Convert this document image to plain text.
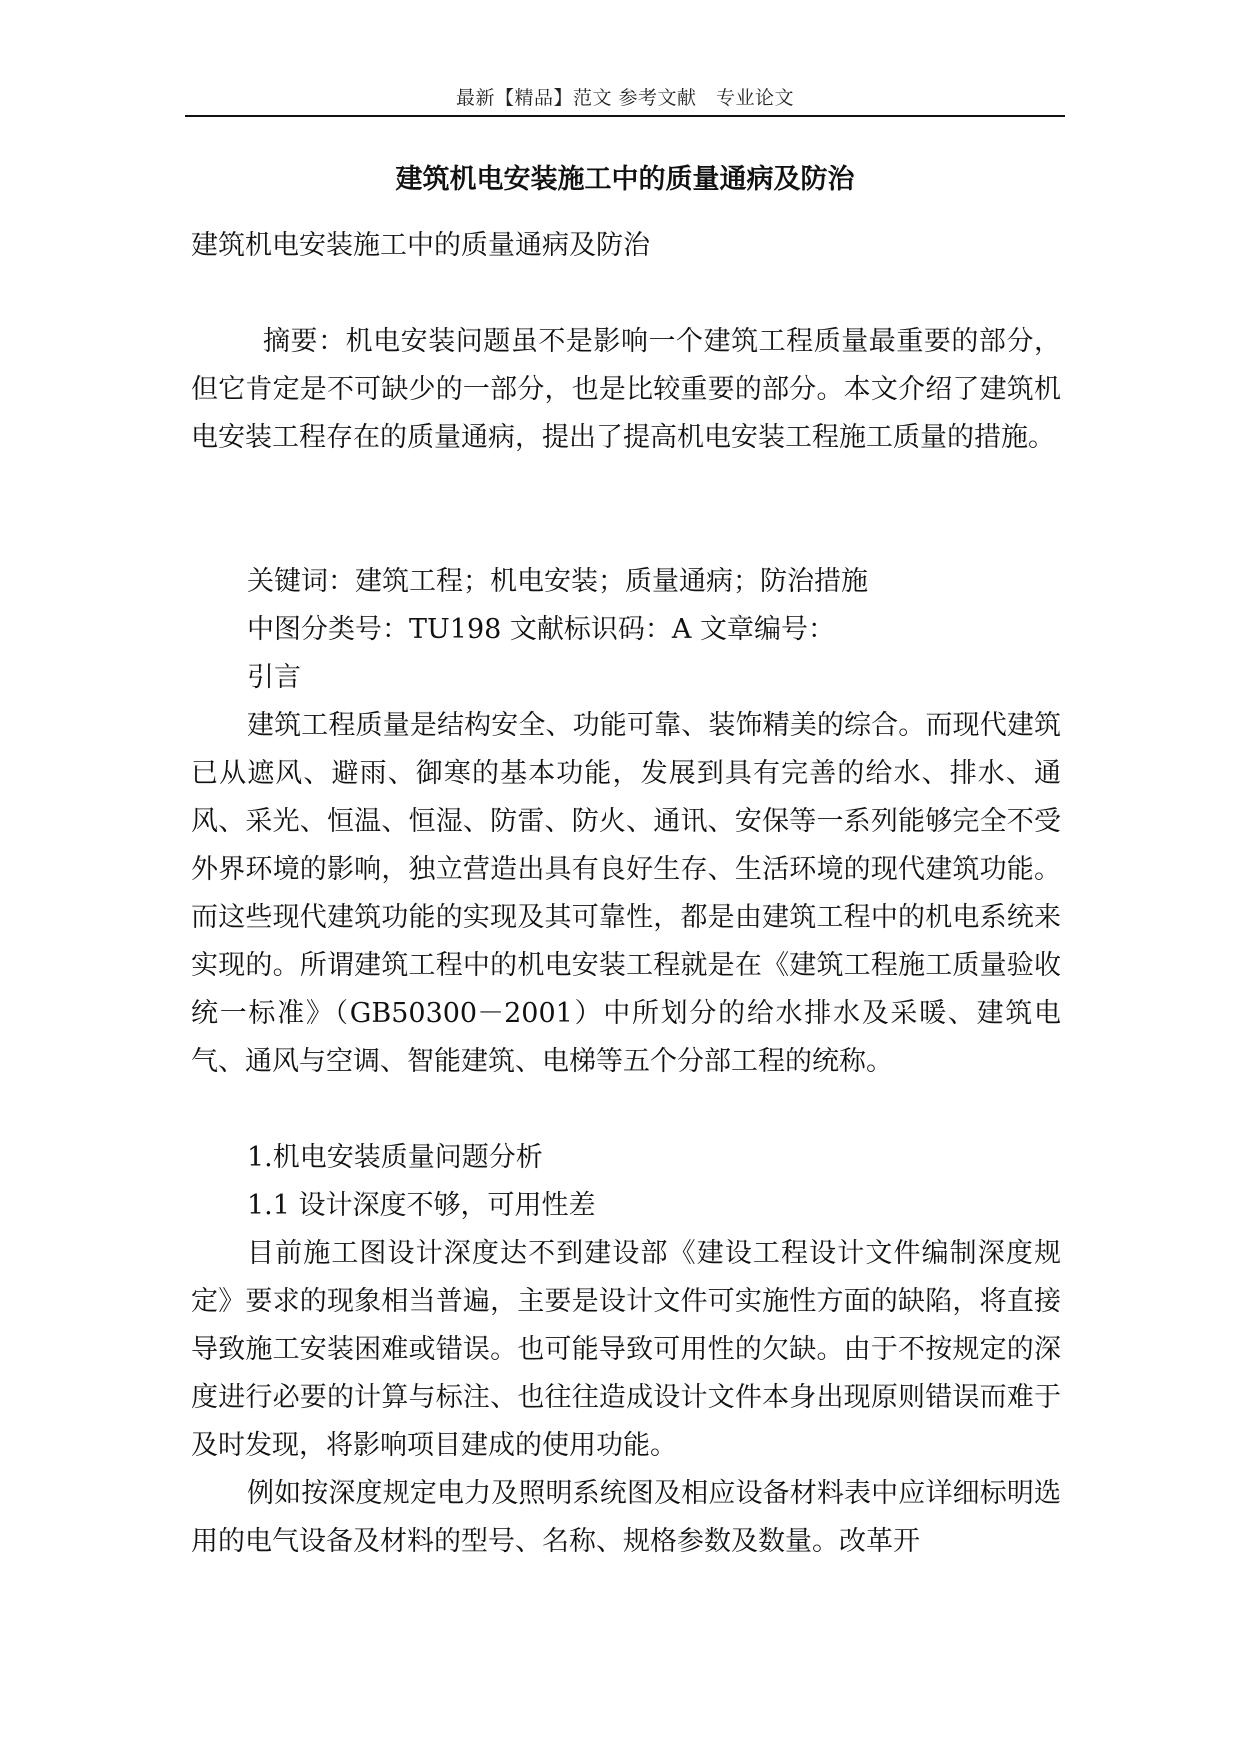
最新【精品】范文 参考文献　专业论文
建筑机电安装施工中的质量通病及防治

建筑机电安装施工中的质量通病及防治

摘要：机电安装问题虽不是影响一个建筑工程质量最重要的部分，但它肯定是不可缺少的一部分，也是比较重要的部分。本文介绍了建筑机电安装工程存在的质量通病，提出了提高机电安装工程施工质量的措施。

关键词：建筑工程；机电安装；质量通病；防治措施

中图分类号：TU198 文献标识码：A 文章编号：

引言

建筑工程质量是结构安全、功能可靠、装饰精美的综合。而现代建筑已从遮风、避雨、御寒的基本功能，发展到具有完善的给水、排水、通风、采光、恒温、恒湿、防雷、防火、通讯、安保等一系列能够完全不受外界环境的影响，独立营造出具有良好生存、生活环境的现代建筑功能。而这些现代建筑功能的实现及其可靠性，都是由建筑工程中的机电系统来实现的。所谓建筑工程中的机电安装工程就是在《建筑工程施工质量验收统一标准》（GB50300－2001）中所划分的给水排水及采暖、建筑电气、通风与空调、智能建筑、电梯等五个分部工程的统称。

1.机电安装质量问题分析

1.1 设计深度不够，可用性差

目前施工图设计深度达不到建设部《建设工程设计文件编制深度规定》要求的现象相当普遍，主要是设计文件可实施性方面的缺陷，将直接导致施工安装困难或错误。也可能导致可用性的欠缺。由于不按规定的深度进行必要的计算与标注、也往往造成设计文件本身出现原则错误而难于及时发现，将影响项目建成的使用功能。

例如按深度规定电力及照明系统图及相应设备材料表中应详细标明选用的电气设备及材料的型号、名称、规格参数及数量。改革开
